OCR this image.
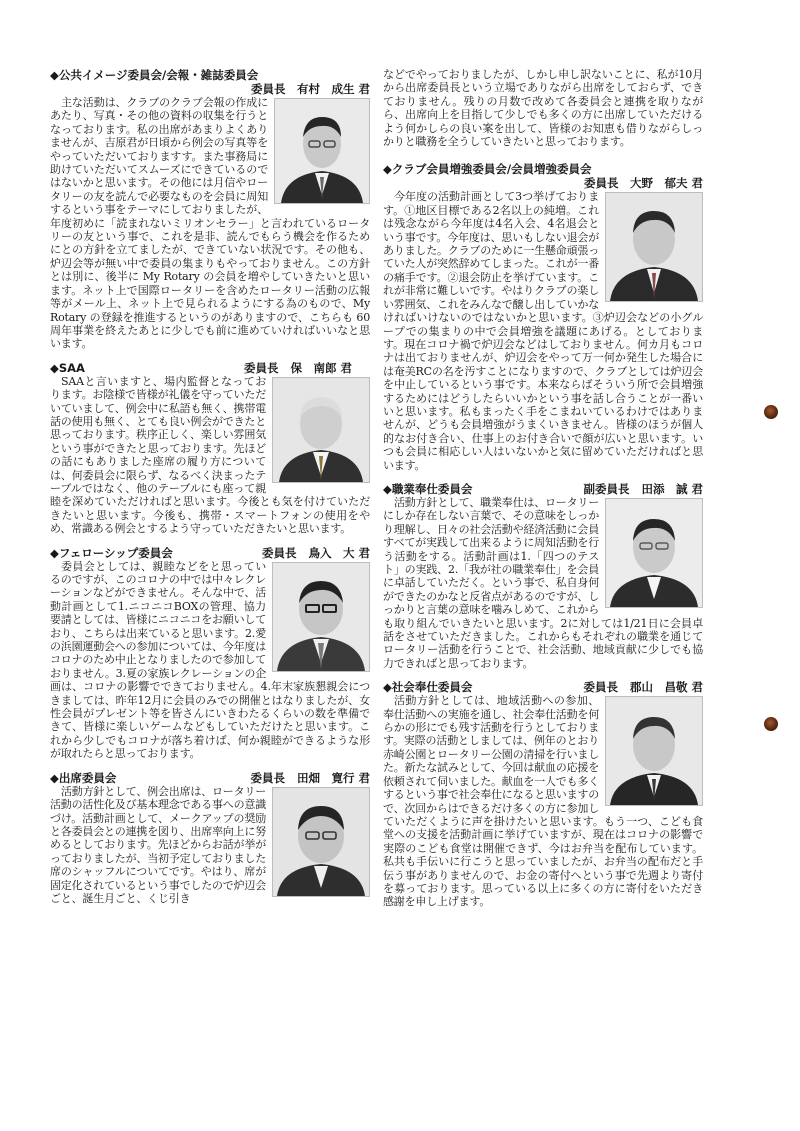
◆公共イメージ委員会/会報・雑誌委員会
委員長　有村　成生 君
主な活動は、クラブのクラブ会報の作成にあたり、写真・その他の資料の収集を行うとなっております。私の出席があまりよくありませんが、吉原君が日頃から例会の写真等をやっていただいておりますす。また事務局に助けていただいてスムーズにできているのではないかと思います。その他には月信やロータリーの友を読んで必要なものを会員に周知するという事をテーマにしておりましたが、年度初めに「読まれないミリオンセラー」と言われているロータリーの友という事で、これを是非、読んでもらう機会を作るためにとの方針を立てましたが、できていない状況です。その他も、炉辺会等が無い中で委員の集まりもやっておりません。この方針とは別に、後半に My Rotary の会員を増やしていきたいと思います。ネット上で国際ロータリーを含めたロータリー活動の広報等がメール上、ネット上で見られるようにする為のもので、My Rotary の登録を推進するというのがありますので、こちらも 60 周年事業を終えたあとに少しでも前に進めていければいいなと思います。
◆SAA	委員長 保　南郎 君
SAAと言いますと、場内監督となっております。お陰様で皆様が礼儀を守っていただいていまして、例会中に私語も無く、携帯電話の使用も無く、とても良い例会ができたと思っております。秩序正しく、楽しい雰囲気という事ができたと思っております。先ほどの話にもありました座席の履り方については、何委員会に限らず、なるべく決まったテーブルではなく、他のテーブルにも座って親睦を深めていただければと思います。今後とも気を付けていただきたいと思います。今後も、携帯・スマートフォンの使用をやめ、常識ある例会とするよう守っていただきたいと思います。
◆フェローシップ委員会	委員長 鳥入　大 君
委員会としては、親睦などをと思っているのですが、このコロナの中では中々レクレーションなどができません。そんな中で、活動計画として1.ニコニコBOXの管理、協力要請としては、皆様にニコニコをお願いしており、こちらは出来ていると思います。2.愛の浜園運動会への参加については、今年度はコロナのため中止となりましたので参加しておりません。3.夏の家族レクレーションの企画は、コロナの影響でできておりません。4.年末家族懇親会につきましては、昨年12月に会員のみでの開催とはなりましたが、女性会員がプレゼント等を皆さんにいきわたるくらいの数を準備できて、皆様に楽しいゲームなどもしていただけたと思います。これから少しでもコロナが落ち着けば、何か親睦ができるような形が取れたらと思っております。
◆出席委員会	委員長 田畑　寛行 君
活動方針として、例会出席は、ロータリー活動の活性化及び基本理念である事への意識づけ。活動計画として、メークアップの奨励と各委員会との連携を図り、出席率向上に努めるとしております。先ほどからお話が挙がっておりましたが、当初予定しておりました席のシャッフルについてです。やはり、席が固定化されているという事でしたので炉辺会ごと、誕生月ごと、くじ引き
などでやっておりましたが、しかし申し訳ないことに、私が10月から出席委員長という立場でありながら出席をしておらず、できておりません。残りの月数で改めて各委員会と連携を取りながら、出席向上を目指して少しでも多くの方に出席していただけるよう何かしらの良い案を出して、皆様のお知恵も借りながらしっかりと職務を全うしていきたいと思っております。
◆クラブ会員増強委員会/会員増強委員会
委員長　大野　郁夫 君
今年度の活動計画として3つ挙げております。①地区目標である2名以上の純増。これは残念ながら今年度は4名入会、4名退会という事です。今年度は、思いもしない退会がありました。クラブのために一生懸命頑張っていた人が突然辞めてしまった。これが一番の痛手です。②退会防止を挙げています。これが非常に難しいです。やはりクラブの楽しい雰囲気、これをみんなで醸し出していかなければいけないのではないかと思います。③炉辺会などの小グループでの集まりの中で会員増強を議題にあげる。としております。現在コロナ禍で炉辺会などはしておりません。何カ月もコロナは出ておりませんが、炉辺会をやって万一何か発生した場合には奄美RCの名を汚すことになりますので、クラブとしては炉辺会を中止しているという事です。本来ならばそういう所で会員増強するためにはどうしたらいいかという事を話し合うことが一番いいと思います。私もまったく手をこまねいているわけではありませんが、どうも会員増強がうまくいきません。皆様のほうが個人的なお付き合い、仕事上のお付き合いで顔が広いと思います。いつも会員に相応しい人はいないかと気に留めていただければと思います。
◆職業奉仕委員会	副委員長 田添　誠 君
活動方針として、職業奉仕は、ロータリーにしか存在しない言葉で、その意味をしっかり理解し、日々の社会活動や経済活動に会員すべてが実践して出来るように周知活動を行う活動をする。活動計画は1.「四つのテスト」の実践、2.「我が社の職業奉仕」を会員に卓話していただく。という事で、私自身何ができたのかなと反省点があるのですが、しっかりと言葉の意味を噛みしめて、これからも取り組んでいきたいと思います。2に対しては1/21日に会員卓話をさせていただきました。これからもそれぞれの職業を通じてロータリー活動を行うことで、社会活動、地域貢献に少しでも協力できればと思っております。
◆社会奉仕委員会	委員長 郡山　昌敬 君
活動方針としては、地域活動への参加、奉仕活動への実施を通し、社会奉仕活動を何らかの形にでも残す活動を行うとしております。実際の活動としましては、例年のとおり赤崎公園とロータリー公園の清掃を行いました。新たな試みとして、今回は献血の応援を依頼されて伺いました。献血を一人でも多くするという事で社会奉仕になると思いますので、次回からはできるだけ多くの方に参加していただくように声を掛けたいと思います。もう一つ、こども食堂への支援を活動計画に挙げていますが、現在はコロナの影響で実際のこども食堂は開催できず、今はお弁当を配布しています。私共も手伝いに行こうと思っていましたが、お弁当の配布だと手伝う事がありませんので、お金の寄付へという事で先週より寄付を募っております。思っている以上に多くの方に寄付をいただき感謝を申し上げます。
